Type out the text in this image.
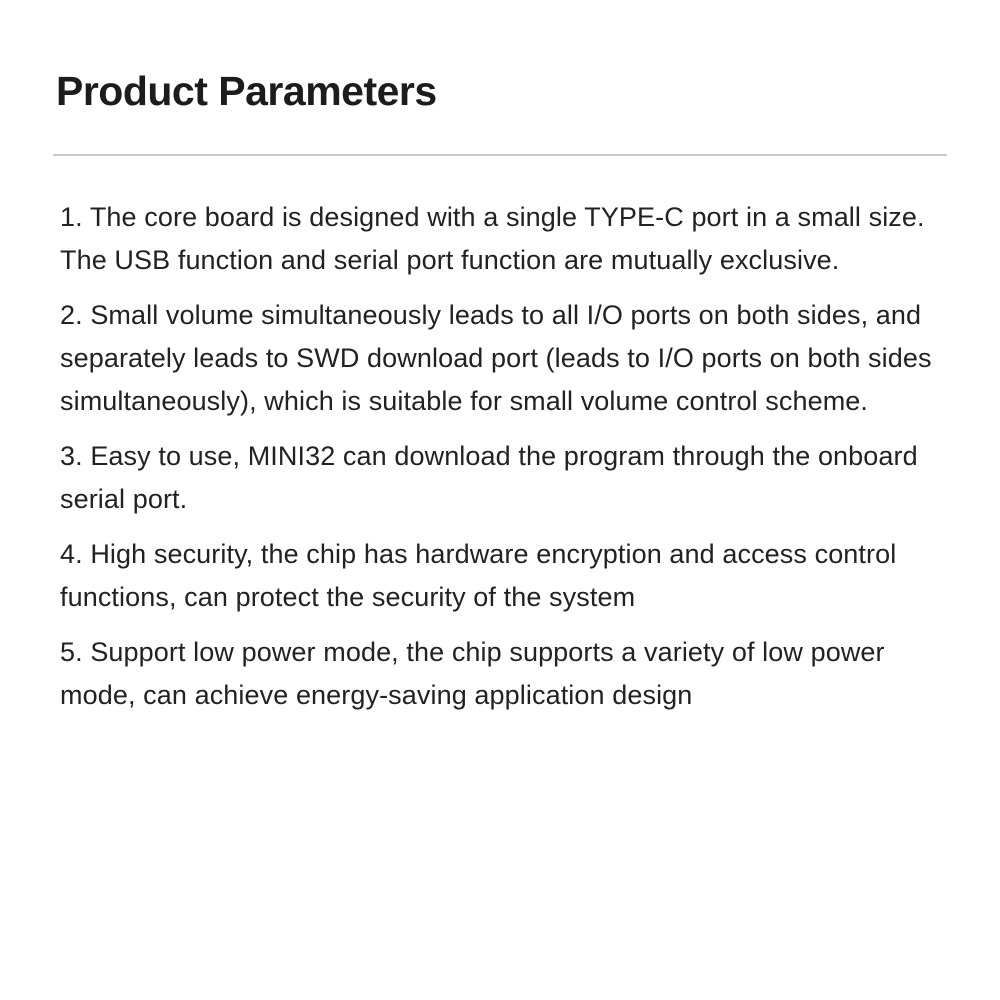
Product Parameters

1. The core board is designed with a single TYPE-C port in a small size. The USB function and serial port function are mutually exclusive.

2. Small volume simultaneously leads to all I/O ports on both sides, and separately leads to SWD download port (leads to I/O ports on both sides simultaneously), which is suitable for small volume control scheme.

3. Easy to use, MINI32 can download the program through the onboard serial port.

4. High security, the chip has hardware encryption and access control functions, can protect the security of the system

5. Support low power mode, the chip supports a variety of low power mode, can achieve energy-saving application design
